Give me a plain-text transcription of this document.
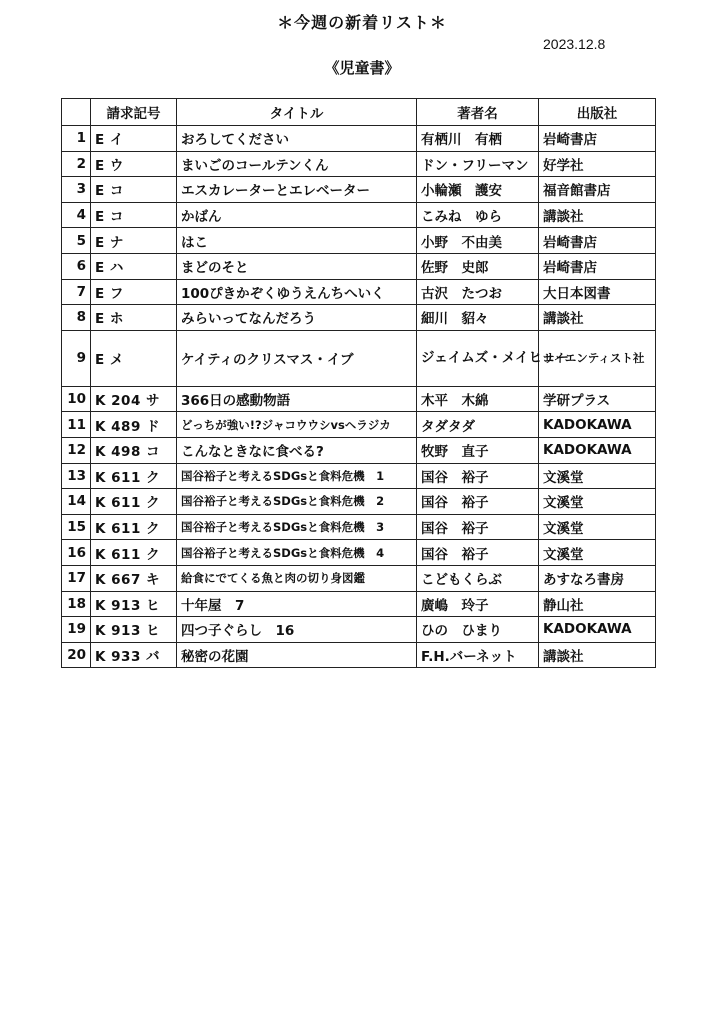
＊今週の新着リスト＊
2023.12.8
《児童書》
	請求記号	タイトル	著者名	出版社
1	E イ	おろしてください	有栖川　有栖	岩崎書店
2	E ウ	まいごのコールテンくん	ドン・フリーマン	好学社
3	E コ	エスカレーターとエレベーター	小輪瀬　護安	福音館書店
4	E コ	かばん	こみね　ゆら	講談社
5	E ナ	はこ	小野　不由美	岩崎書店
6	E ハ	まどのそと	佐野　史郎	岩崎書店
7	E フ	100ぴきかぞくゆうえんちへいく	古沢　たつお	大日本図書
8	E ホ	みらいってなんだろう	細川　貂々	講談社
9	E メ	ケイティのクリスマス・イブ	ジェイムズ・メイヒュー	サイエンティスト社
10	K 204 サ	366日の感動物語	木平　木綿	学研プラス
11	K 489 ド	どっちが強い!?ジャコウウシvsヘラジカ	タダタダ	KADOKAWA
12	K 498 コ	こんなときなに食べる?	牧野　直子	KADOKAWA
13	K 611 ク	国谷裕子と考えるSDGsと食料危機　1	国谷　裕子	文溪堂
14	K 611 ク	国谷裕子と考えるSDGsと食料危機　2	国谷　裕子	文溪堂
15	K 611 ク	国谷裕子と考えるSDGsと食料危機　3	国谷　裕子	文溪堂
16	K 611 ク	国谷裕子と考えるSDGsと食料危機　4	国谷　裕子	文溪堂
17	K 667 キ	給食にでてくる魚と肉の切り身図鑑	こどもくらぶ	あすなろ書房
18	K 913 ヒ	十年屋　7	廣嶋　玲子	静山社
19	K 913 ヒ	四つ子ぐらし　16	ひの　ひまり	KADOKAWA
20	K 933 バ	秘密の花園	F.H.バーネット	講談社
